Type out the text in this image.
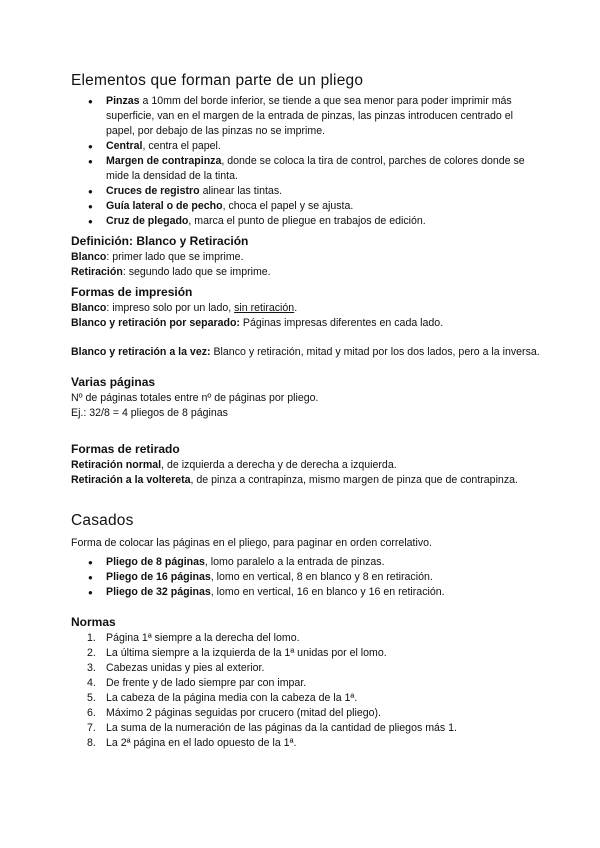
Elementos que forman parte de un pliego
● Pinzas a 10mm del borde inferior, se tiende a que sea menor para poder imprimir más superficie, van en el margen de la entrada de pinzas, las pinzas introducen centrado el papel, por debajo de las pinzas no se imprime.
● Central, centra el papel.
● Margen de contrapinza, donde se coloca la tira de control, parches de colores donde se mide la densidad de la tinta.
● Cruces de registro alinear las tintas.
● Guía lateral o de pecho, choca el papel y se ajusta.
● Cruz de plegado, marca el punto de pliegue en trabajos de edición.
Definición: Blanco y Retiración

Blanco: primer lado que se imprime.

Retiración: segundo lado que se imprime.

Formas de impresión

Blanco: impreso solo por un lado, sin retiración.

Blanco y retiración por separado: Páginas impresas diferentes en cada lado.

Blanco y retiración a la vez: Blanco y retiración, mitad y mitad por los dos lados, pero a la inversa.

Varias páginas

Nº de páginas totales entre nº de páginas por pliego.

Ej.: 32/8 = 4 pliegos de 8 páginas

Formas de retirado

Retiración normal, de izquierda a derecha y de derecha a izquierda.

Retiración a la voltereta, de pinza a contrapinza, mismo margen de pinza que de contrapinza.

Casados

Forma de colocar las páginas en el pliego, para paginar en orden correlativo.

● Pliego de 8 páginas, lomo paralelo a la entrada de pinzas.
● Pliego de 16 páginas, lomo en vertical, 8 en blanco y 8 en retiración.
● Pliego de 32 páginas, lomo en vertical, 16 en blanco y 16 en retiración.
Normas
1. Página 1ª siempre a la derecha del lomo.
2. La última siempre a la izquierda de la 1ª unidas por el lomo.
3. Cabezas unidas y pies al exterior.
4. De frente y de lado siempre par con impar.
5. La cabeza de la página media con la cabeza de la 1ª.
6. Máximo 2 páginas seguidas por crucero (mitad del pliego).
7. La suma de la numeración de las páginas da la cantidad de pliegos más 1.
8. La 2ª página en el lado opuesto de la 1ª.
